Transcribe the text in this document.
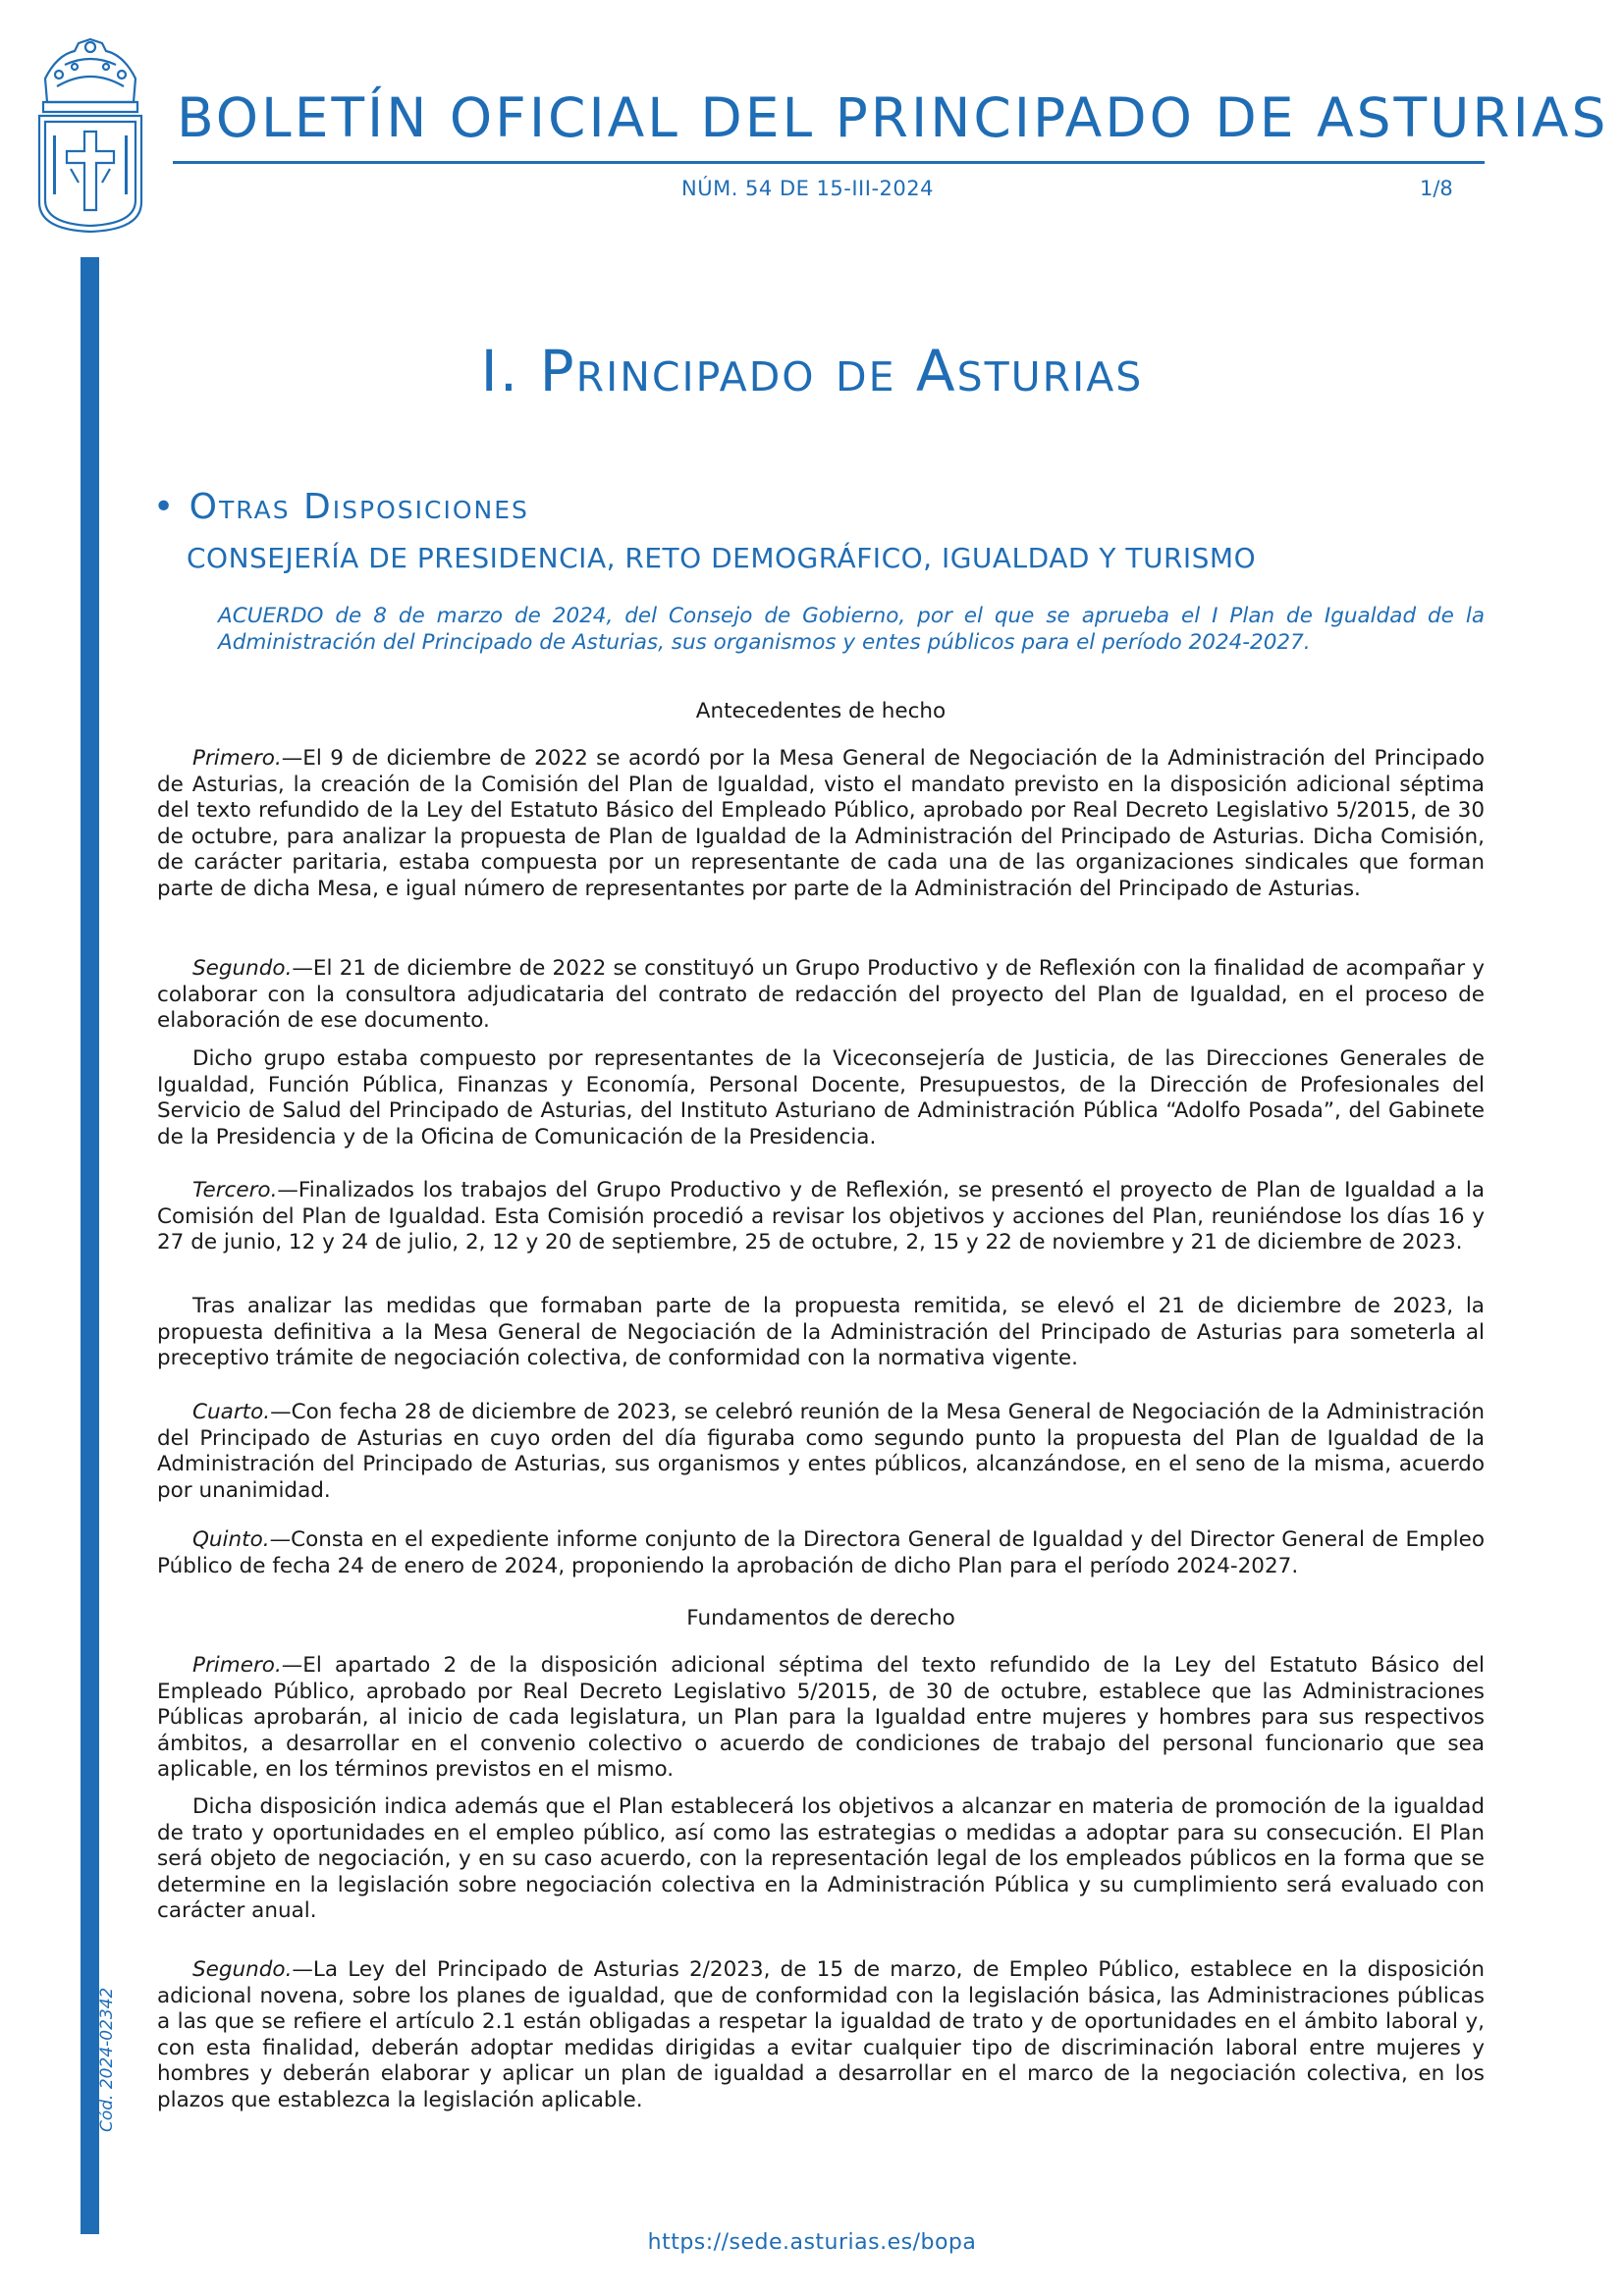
BOLETÍN OFICIAL DEL PRINCIPADO DE ASTURIAS
NÚM. 54 DE 15-III-2024	1/8
Cód. 2024-02342
I. Principado de Asturias
• Otras Disposiciones
CONSEJERÍA DE PRESIDENCIA, RETO DEMOGRÁFICO, IGUALDAD Y TURISMO
ACUERDO de 8 de marzo de 2024, del Consejo de Gobierno, por el que se aprueba el I Plan de Igualdad de la Administración del Principado de Asturias, sus organismos y entes públicos para el período 2024-2027.
Antecedentes de hecho

Primero.—El 9 de diciembre de 2022 se acordó por la Mesa General de Negociación de la Administración del Principado de Asturias, la creación de la Comisión del Plan de Igualdad, visto el mandato previsto en la disposición adicional séptima del texto refundido de la Ley del Estatuto Básico del Empleado Público, aprobado por Real Decreto Legislativo 5/2015, de 30 de octubre, para analizar la propuesta de Plan de Igualdad de la Administración del Principado de Asturias. Dicha Comisión, de carácter paritaria, estaba compuesta por un representante de cada una de las organizaciones sindicales que forman parte de dicha Mesa, e igual número de representantes por parte de la Administración del Principado de Asturias.

Segundo.—El 21 de diciembre de 2022 se constituyó un Grupo Productivo y de Reflexión con la finalidad de acompañar y colaborar con la consultora adjudicataria del contrato de redacción del proyecto del Plan de Igualdad, en el proceso de elaboración de ese documento.

Dicho grupo estaba compuesto por representantes de la Viceconsejería de Justicia, de las Direcciones Generales de Igualdad, Función Pública, Finanzas y Economía, Personal Docente, Presupuestos, de la Dirección de Profesionales del Servicio de Salud del Principado de Asturias, del Instituto Asturiano de Administración Pública “Adolfo Posada”, del Gabinete de la Presidencia y de la Oficina de Comunicación de la Presidencia.

Tercero.—Finalizados los trabajos del Grupo Productivo y de Reflexión, se presentó el proyecto de Plan de Igualdad a la Comisión del Plan de Igualdad. Esta Comisión procedió a revisar los objetivos y acciones del Plan, reuniéndose los días 16 y 27 de junio, 12 y 24 de julio, 2, 12 y 20 de septiembre, 25 de octubre, 2, 15 y 22 de noviembre y 21 de diciembre de 2023.

Tras analizar las medidas que formaban parte de la propuesta remitida, se elevó el 21 de diciembre de 2023, la propuesta definitiva a la Mesa General de Negociación de la Administración del Principado de Asturias para someterla al preceptivo trámite de negociación colectiva, de conformidad con la normativa vigente.

Cuarto.—Con fecha 28 de diciembre de 2023, se celebró reunión de la Mesa General de Negociación de la Administración del Principado de Asturias en cuyo orden del día figuraba como segundo punto la propuesta del Plan de Igualdad de la Administración del Principado de Asturias, sus organismos y entes públicos, alcanzándose, en el seno de la misma, acuerdo por unanimidad.

Quinto.—Consta en el expediente informe conjunto de la Directora General de Igualdad y del Director General de Empleo Público de fecha 24 de enero de 2024, proponiendo la aprobación de dicho Plan para el período 2024-2027.

Fundamentos de derecho

Primero.—El apartado 2 de la disposición adicional séptima del texto refundido de la Ley del Estatuto Básico del Empleado Público, aprobado por Real Decreto Legislativo 5/2015, de 30 de octubre, establece que las Administraciones Públicas aprobarán, al inicio de cada legislatura, un Plan para la Igualdad entre mujeres y hombres para sus respectivos ámbitos, a desarrollar en el convenio colectivo o acuerdo de condiciones de trabajo del personal funcionario que sea aplicable, en los términos previstos en el mismo.

Dicha disposición indica además que el Plan establecerá los objetivos a alcanzar en materia de promoción de la igualdad de trato y oportunidades en el empleo público, así como las estrategias o medidas a adoptar para su consecución. El Plan será objeto de negociación, y en su caso acuerdo, con la representación legal de los empleados públicos en la forma que se determine en la legislación sobre negociación colectiva en la Administración Pública y su cumplimiento será evaluado con carácter anual.

Segundo.—La Ley del Principado de Asturias 2/2023, de 15 de marzo, de Empleo Público, establece en la disposición adicional novena, sobre los planes de igualdad, que de conformidad con la legislación básica, las Administraciones públicas a las que se refiere el artículo 2.1 están obligadas a respetar la igualdad de trato y de oportunidades en el ámbito laboral y, con esta finalidad, deberán adoptar medidas dirigidas a evitar cualquier tipo de discriminación laboral entre mujeres y hombres y deberán elaborar y aplicar un plan de igualdad a desarrollar en el marco de la negociación colectiva, en los plazos que establezca la legislación aplicable.

https://sede.asturias.es/bopa
